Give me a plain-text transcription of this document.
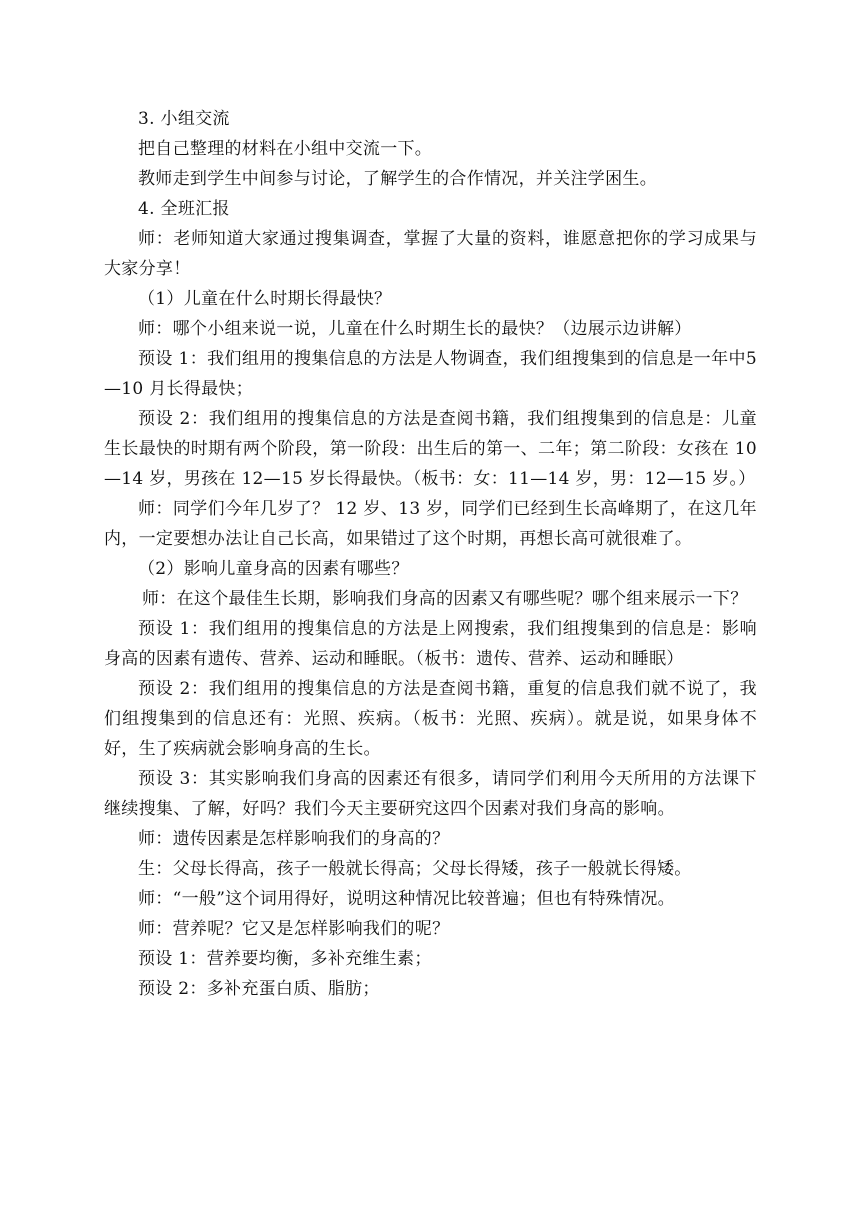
3. 小组交流

把自己整理的材料在小组中交流一下。

教师走到学生中间参与讨论，了解学生的合作情况，并关注学困生。

4. 全班汇报

师：老师知道大家通过搜集调查，掌握了大量的资料，谁愿意把你的学习成果与大家分享！

（1）儿童在什么时期长得最快？

师：哪个小组来说一说，儿童在什么时期生长的最快？（边展示边讲解）

预设 1：我们组用的搜集信息的方法是人物调查，我们组搜集到的信息是一年中5—10 月长得最快；

预设 2：我们组用的搜集信息的方法是查阅书籍，我们组搜集到的信息是：儿童生长最快的时期有两个阶段，第一阶段：出生后的第一、二年；第二阶段：女孩在 10—14 岁，男孩在 12—15 岁长得最快。（板书：女：11—14 岁，男：12—15 岁。）

师：同学们今年几岁了？ 12 岁、13 岁，同学们已经到生长高峰期了，在这几年内，一定要想办法让自己长高，如果错过了这个时期，再想长高可就很难了。

（2）影响儿童身高的因素有哪些？

师：在这个最佳生长期，影响我们身高的因素又有哪些呢？哪个组来展示一下？

预设 1：我们组用的搜集信息的方法是上网搜索，我们组搜集到的信息是：影响身高的因素有遗传、营养、运动和睡眠。（板书：遗传、营养、运动和睡眠）

预设 2：我们组用的搜集信息的方法是查阅书籍，重复的信息我们就不说了，我们组搜集到的信息还有：光照、疾病。（板书：光照、疾病）。就是说，如果身体不好，生了疾病就会影响身高的生长。

预设 3：其实影响我们身高的因素还有很多，请同学们利用今天所用的方法课下继续搜集、了解，好吗？我们今天主要研究这四个因素对我们身高的影响。

师：遗传因素是怎样影响我们的身高的？

生：父母长得高，孩子一般就长得高；父母长得矮，孩子一般就长得矮。

师：“一般”这个词用得好，说明这种情况比较普遍；但也有特殊情况。

师：营养呢？它又是怎样影响我们的呢？

预设 1：营养要均衡，多补充维生素；

预设 2：多补充蛋白质、脂肪；
